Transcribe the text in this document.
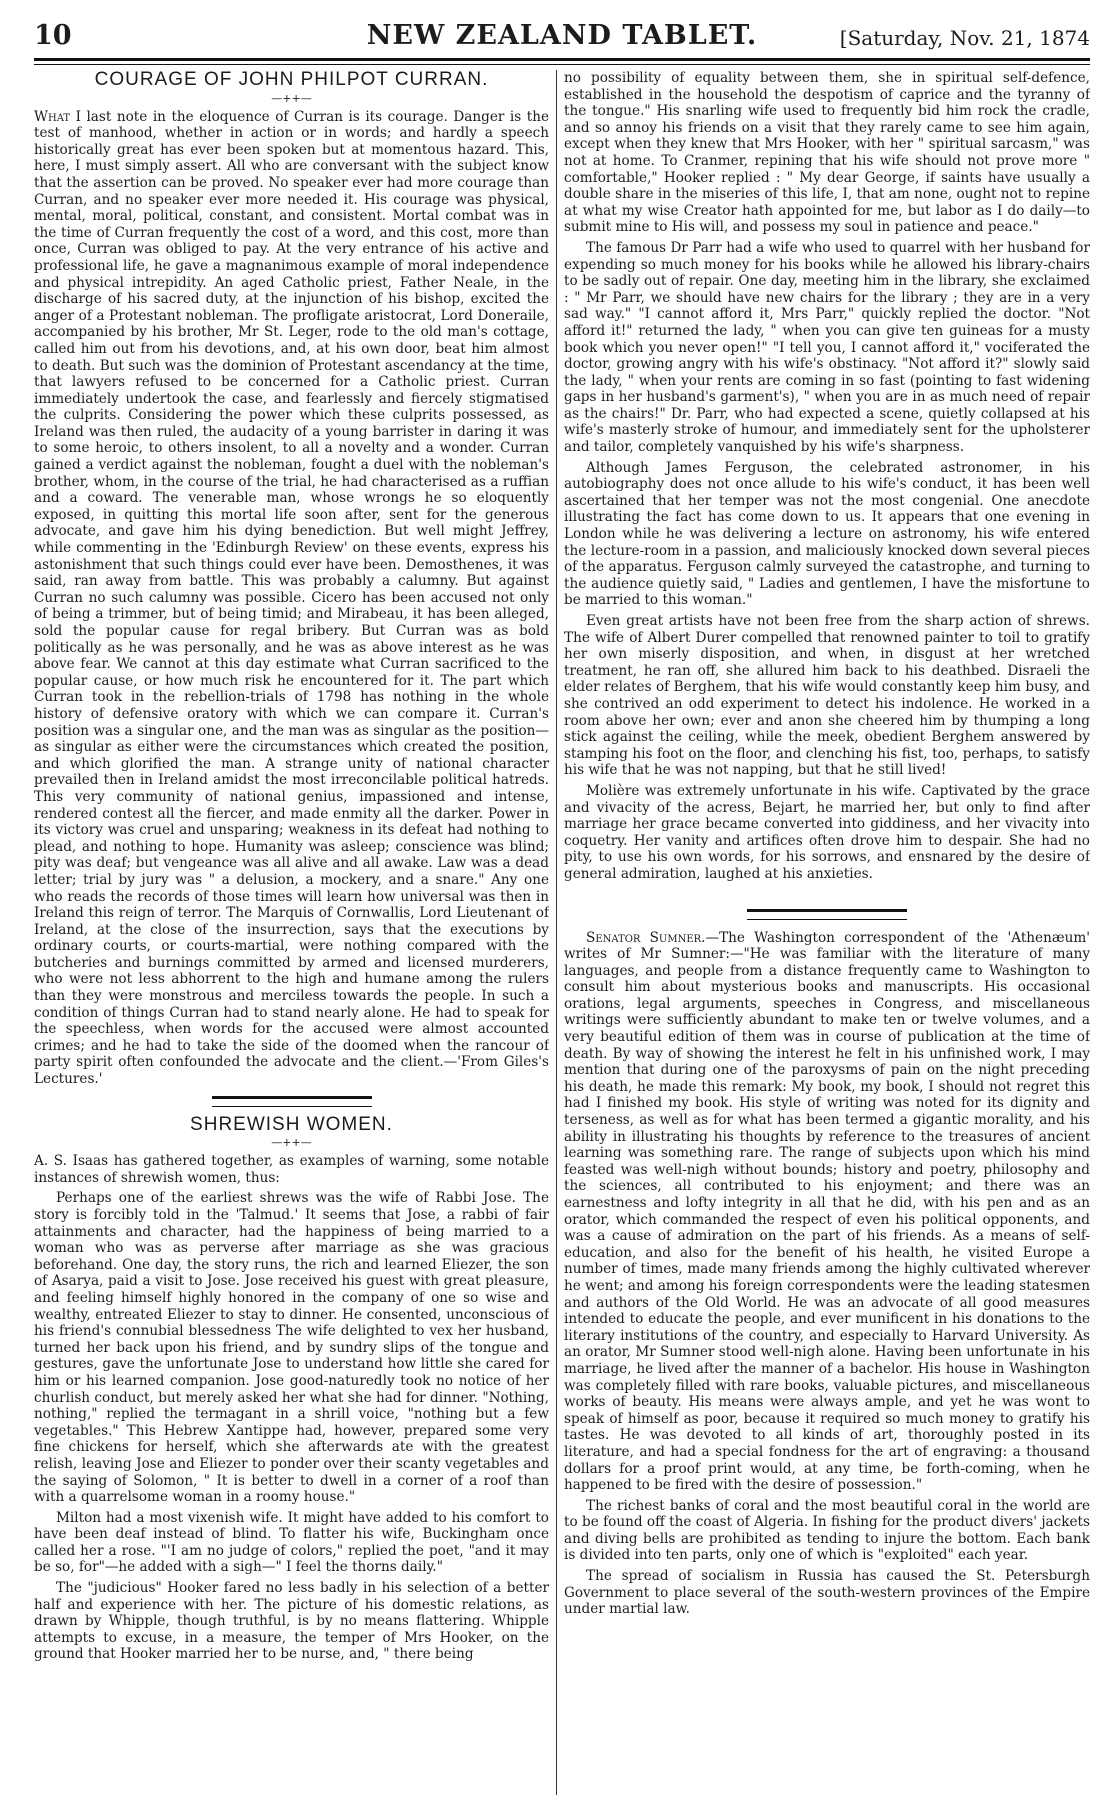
10	NEW ZEALAND TABLET.	[Saturday, Nov. 21, 1874
COURAGE OF JOHN PHILPOT CURRAN.
—++—

What I last note in the eloquence of Curran is its courage. Danger is the test of manhood, whether in action or in words; and hardly a speech historically great has ever been spoken but at momentous hazard. This, here, I must simply assert. All who are conversant with the subject know that the assertion can be proved. No speaker ever had more courage than Curran, and no speaker ever more needed it. His courage was physical, mental, moral, political, constant, and consistent. Mortal combat was in the time of Curran frequently the cost of a word, and this cost, more than once, Curran was obliged to pay. At the very entrance of his active and professional life, he gave a magnanimous example of moral independence and physical intrepidity. An aged Catholic priest, Father Neale, in the discharge of his sacred duty, at the injunction of his bishop, excited the anger of a Protestant nobleman. The profligate aristocrat, Lord Doneraile, accompanied by his brother, Mr St. Leger, rode to the old man's cottage, called him out from his devotions, and, at his own door, beat him almost to death. But such was the dominion of Protestant ascendancy at the time, that lawyers refused to be concerned for a Catholic priest. Curran immediately undertook the case, and fearlessly and fiercely stigmatised the culprits. Considering the power which these culprits possessed, as Ireland was then ruled, the audacity of a young barrister in daring it was to some heroic, to others insolent, to all a novelty and a wonder. Curran gained a verdict against the nobleman, fought a duel with the nobleman's brother, whom, in the course of the trial, he had characterised as a ruffian and a coward. The venerable man, whose wrongs he so eloquently exposed, in quitting this mortal life soon after, sent for the generous advocate, and gave him his dying benediction. But well might Jeffrey, while commenting in the 'Edinburgh Review' on these events, express his astonishment that such things could ever have been. Demosthenes, it was said, ran away from battle. This was probably a calumny. But against Curran no such calumny was possible. Cicero has been accused not only of being a trimmer, but of being timid; and Mirabeau, it has been alleged, sold the popular cause for regal bribery. But Curran was as bold politically as he was personally, and he was as above interest as he was above fear. We cannot at this day estimate what Curran sacrificed to the popular cause, or how much risk he encountered for it. The part which Curran took in the rebellion-trials of 1798 has nothing in the whole history of defensive oratory with which we can compare it. Curran's position was a singular one, and the man was as singular as the position—as singular as either were the circumstances which created the position, and which glorified the man. A strange unity of national character prevailed then in Ireland amidst the most irreconcilable political hatreds. This very community of national genius, impassioned and intense, rendered contest all the fiercer, and made enmity all the darker. Power in its victory was cruel and unsparing; weakness in its defeat had nothing to plead, and nothing to hope. Humanity was asleep; conscience was blind; pity was deaf; but vengeance was all alive and all awake. Law was a dead letter; trial by jury was " a delusion, a mockery, and a snare." Any one who reads the records of those times will learn how universal was then in Ireland this reign of terror. The Marquis of Cornwallis, Lord Lieutenant of Ireland, at the close of the insurrection, says that the executions by ordinary courts, or courts-martial, were nothing compared with the butcheries and burnings committed by armed and licensed murderers, who were not less abhorrent to the high and humane among the rulers than they were monstrous and merciless towards the people. In such a condition of things Curran had to stand nearly alone. He had to speak for the speechless, when words for the accused were almost accounted crimes; and he had to take the side of the doomed when the rancour of party spirit often confounded the advocate and the client.—'From Giles's Lectures.'

SHREWISH WOMEN.
—++—

A. S. Isaas has gathered together, as examples of warning, some notable instances of shrewish women, thus:

Perhaps one of the earliest shrews was the wife of Rabbi Jose. The story is forcibly told in the 'Talmud.' It seems that Jose, a rabbi of fair attainments and character, had the happiness of being married to a woman who was as perverse after marriage as she was gracious beforehand. One day, the story runs, the rich and learned Eliezer, the son of Asarya, paid a visit to Jose. Jose received his guest with great pleasure, and feeling himself highly honored in the company of one so wise and wealthy, entreated Eliezer to stay to dinner. He consented, unconscious of his friend's connubial blessedness The wife delighted to vex her husband, turned her back upon his friend, and by sundry slips of the tongue and gestures, gave the unfortunate Jose to understand how little she cared for him or his learned companion. Jose good-naturedly took no notice of her churlish conduct, but merely asked her what she had for dinner. "Nothing, nothing," replied the termagant in a shrill voice, "nothing but a few vegetables." This Hebrew Xantippe had, however, prepared some very fine chickens for herself, which she afterwards ate with the greatest relish, leaving Jose and Eliezer to ponder over their scanty vegetables and the saying of Solomon, " It is better to dwell in a corner of a roof than with a quarrelsome woman in a roomy house."

Milton had a most vixenish wife. It might have added to his comfort to have been deaf instead of blind. To flatter his wife, Buckingham once called her a rose. "'I am no judge of colors," replied the poet, "and it may be so, for"—he added with a sigh—" I feel the thorns daily."

The "judicious" Hooker fared no less badly in his selection of a better half and experience with her. The picture of his domestic relations, as drawn by Whipple, though truthful, is by no means flattering. Whipple attempts to excuse, in a measure, the temper of Mrs Hooker, on the ground that Hooker married her to be nurse, and, " there being

no possibility of equality between them, she in spiritual self-defence, established in the household the despotism of caprice and the tyranny of the tongue." His snarling wife used to frequently bid him rock the cradle, and so annoy his friends on a visit that they rarely came to see him again, except when they knew that Mrs Hooker, with her " spiritual sarcasm," was not at home. To Cranmer, repining that his wife should not prove more " comfortable," Hooker replied : " My dear George, if saints have usually a double share in the miseries of this life, I, that am none, ought not to repine at what my wise Creator hath appointed for me, but labor as I do daily—to submit mine to His will, and possess my soul in patience and peace."

The famous Dr Parr had a wife who used to quarrel with her husband for expending so much money for his books while he allowed his library-chairs to be sadly out of repair. One day, meeting him in the library, she exclaimed : " Mr Parr, we should have new chairs for the library ; they are in a very sad way." "I cannot afford it, Mrs Parr," quickly replied the doctor. "Not afford it!" returned the lady, " when you can give ten guineas for a musty book which you never open!" "I tell you, I cannot afford it," vociferated the doctor, growing angry with his wife's obstinacy. "Not afford it?" slowly said the lady, " when your rents are coming in so fast (pointing to fast widening gaps in her husband's garment's), " when you are in as much need of repair as the chairs!" Dr. Parr, who had expected a scene, quietly collapsed at his wife's masterly stroke of humour, and immediately sent for the upholsterer and tailor, completely vanquished by his wife's sharpness.

Although James Ferguson, the celebrated astronomer, in his autobiography does not once allude to his wife's conduct, it has been well ascertained that her temper was not the most congenial. One anecdote illustrating the fact has come down to us. It appears that one evening in London while he was delivering a lecture on astronomy, his wife entered the lecture-room in a passion, and maliciously knocked down several pieces of the apparatus. Ferguson calmly surveyed the catastrophe, and turning to the audience quietly said, " Ladies and gentlemen, I have the misfortune to be married to this woman."

Even great artists have not been free from the sharp action of shrews. The wife of Albert Durer compelled that renowned painter to toil to gratify her own miserly disposition, and when, in disgust at her wretched treatment, he ran off, she allured him back to his deathbed. Disraeli the elder relates of Berghem, that his wife would constantly keep him busy, and she contrived an odd experiment to detect his indolence. He worked in a room above her own; ever and anon she cheered him by thumping a long stick against the ceiling, while the meek, obedient Berghem answered by stamping his foot on the floor, and clenching his fist, too, perhaps, to satisfy his wife that he was not napping, but that he still lived!

Molière was extremely unfortunate in his wife. Captivated by the grace and vivacity of the acress, Bejart, he married her, but only to find after marriage her grace became converted into giddiness, and her vivacity into coquetry. Her vanity and artifices often drove him to despair. She had no pity, to use his own words, for his sorrows, and ensnared by the desire of general admiration, laughed at his anxieties.

Senator Sumner.—The Washington correspondent of the 'Athenæum' writes of Mr Sumner:—"He was familiar with the literature of many languages, and people from a distance frequently came to Washington to consult him about mysterious books and manuscripts. His occasional orations, legal arguments, speeches in Congress, and miscellaneous writings were sufficiently abundant to make ten or twelve volumes, and a very beautiful edition of them was in course of publication at the time of death. By way of showing the interest he felt in his unfinished work, I may mention that during one of the paroxysms of pain on the night preceding his death, he made this remark: My book, my book, I should not regret this had I finished my book. His style of writing was noted for its dignity and terseness, as well as for what has been termed a gigantic morality, and his ability in illustrating his thoughts by reference to the treasures of ancient learning was something rare. The range of subjects upon which his mind feasted was well-nigh without bounds; history and poetry, philosophy and the sciences, all contributed to his enjoyment; and there was an earnestness and lofty integrity in all that he did, with his pen and as an orator, which commanded the respect of even his political opponents, and was a cause of admiration on the part of his friends. As a means of self-education, and also for the benefit of his health, he visited Europe a number of times, made many friends among the highly cultivated wherever he went; and among his foreign correspondents were the leading statesmen and authors of the Old World. He was an advocate of all good measures intended to educate the people, and ever munificent in his donations to the literary institutions of the country, and especially to Harvard University. As an orator, Mr Sumner stood well-nigh alone. Having been unfortunate in his marriage, he lived after the manner of a bachelor. His house in Washington was completely filled with rare books, valuable pictures, and miscellaneous works of beauty. His means were always ample, and yet he was wont to speak of himself as poor, because it required so much money to gratify his tastes. He was devoted to all kinds of art, thoroughly posted in its literature, and had a special fondness for the art of engraving: a thousand dollars for a proof print would, at any time, be forth-coming, when he happened to be fired with the desire of possession."

The richest banks of coral and the most beautiful coral in the world are to be found off the coast of Algeria. In fishing for the product divers' jackets and diving bells are prohibited as tending to injure the bottom. Each bank is divided into ten parts, only one of which is "exploited" each year.

The spread of socialism in Russia has caused the St. Petersburgh Government to place several of the south-western provinces of the Empire under martial law.
